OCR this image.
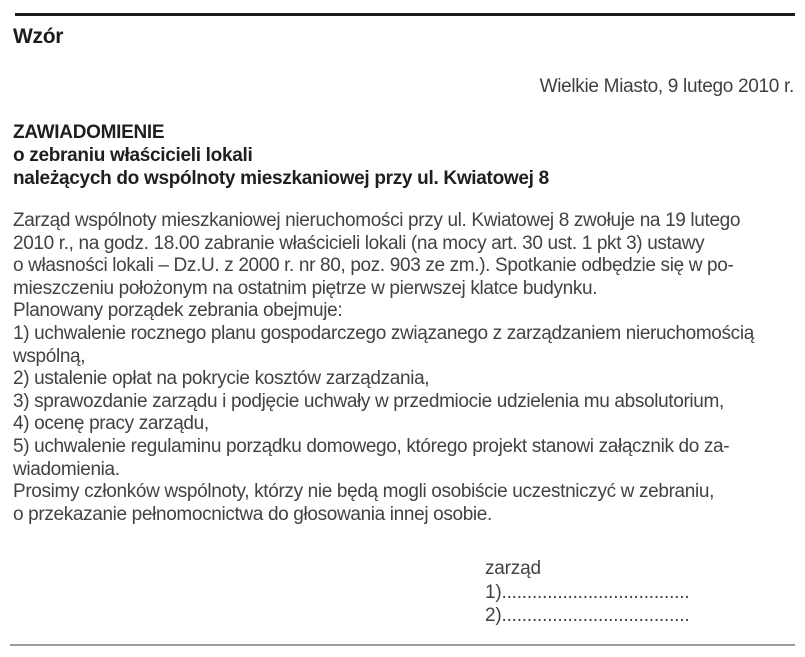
Wzór
Wielkie Miasto, 9 lutego 2010 r.
ZAWIADOMIENIE
o zebraniu właścicieli lokali
należących do wspólnoty mieszkaniowej przy ul. Kwiatowej 8
Zarząd wspólnoty mieszkaniowej nieruchomości przy ul. Kwiatowej 8 zwołuje na 19 lutego
2010 r., na godz. 18.00 zabranie właścicieli lokali (na mocy art. 30 ust. 1 pkt 3) ustawy
o własności lokali – Dz.U. z 2000 r. nr 80, poz. 903 ze zm.). Spotkanie odbędzie się w po-
mieszczeniu położonym na ostatnim piętrze w pierwszej klatce budynku.
Planowany porządek zebrania obejmuje:
1) uchwalenie rocznego planu gospodarczego związanego z zarządzaniem nieruchomością
wspólną,
2) ustalenie opłat na pokrycie kosztów zarządzania,
3) sprawozdanie zarządu i podjęcie uchwały w przedmiocie udzielenia mu absolutorium,
4) ocenę pracy zarządu,
5) uchwalenie regulaminu porządku domowego, którego projekt stanowi załącznik do za-
wiadomienia.
Prosimy członków wspólnoty, którzy nie będą mogli osobiście uczestniczyć w zebraniu,
o przekazanie pełnomocnictwa do głosowania innej osobie.
zarząd
1).....................................
2).....................................
